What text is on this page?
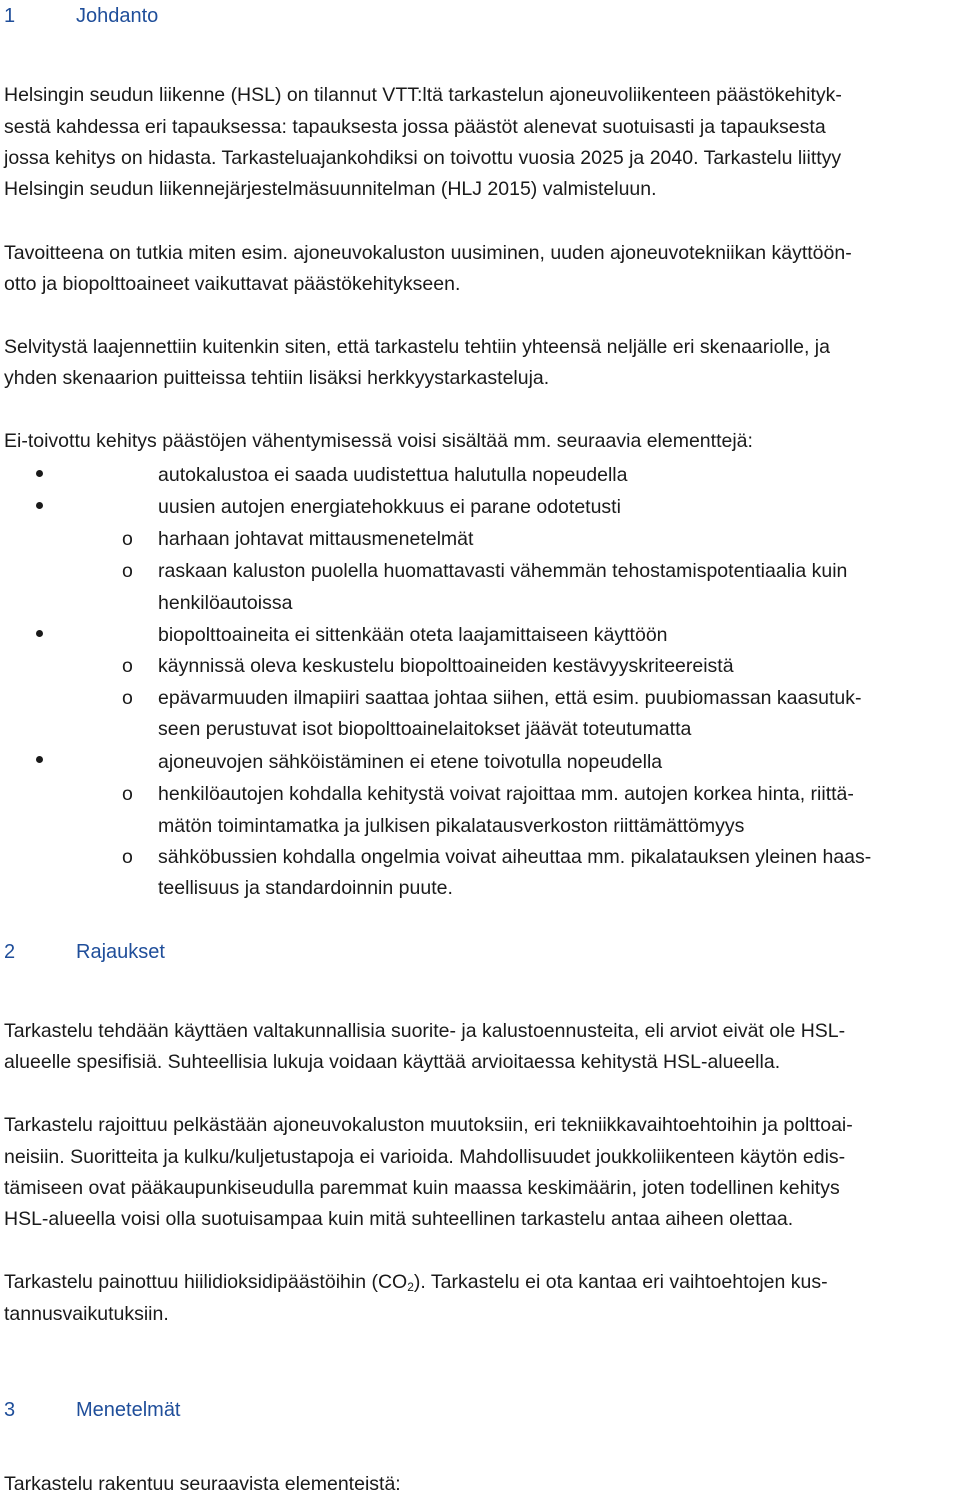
1	Johdanto
Helsingin seudun liikenne (HSL) on tilannut VTT:ltä tarkastelun ajoneuvoliikenteen päästökehityk-
sestä kahdessa eri tapauksessa: tapauksesta jossa päästöt alenevat suotuisasti ja tapauksesta
jossa kehitys on hidasta. Tarkasteluajankohdiksi on toivottu vuosia 2025 ja 2040. Tarkastelu liittyy
Helsingin seudun liikennejärjestelmäsuunnitelman (HLJ 2015) valmisteluun.
Tavoitteena on tutkia miten esim. ajoneuvokaluston uusiminen, uuden ajoneuvotekniikan käyttöön-
otto ja biopolttoaineet vaikuttavat päästökehitykseen.
Selvitystä laajennettiin kuitenkin siten, että tarkastelu tehtiin yhteensä neljälle eri skenaariolle, ja
yhden skenaarion puitteissa tehtiin lisäksi herkkyystarkasteluja.
Ei-toivottu kehitys päästöjen vähentymisessä voisi sisältää mm. seuraavia elementtejä:
autokalustoa ei saada uudistettua halutulla nopeudella
uusien autojen energiatehokkuus ei parane odotetusti
o harhaan johtavat mittausmenetelmät
o raskaan kaluston puolella huomattavasti vähemmän tehostamispotentiaalia kuin
henkilöautoissa
biopolttoaineita ei sittenkään oteta laajamittaiseen käyttöön
o käynnissä oleva keskustelu biopolttoaineiden kestävyyskriteereistä
o epävarmuuden ilmapiiri saattaa johtaa siihen, että esim. puubiomassan kaasutuk-
seen perustuvat isot biopolttoainelaitokset jäävät toteutumatta
ajoneuvojen sähköistäminen ei etene toivotulla nopeudella
o henkilöautojen kohdalla kehitystä voivat rajoittaa mm. autojen korkea hinta, riittä-
mätön toimintamatka ja julkisen pikalatausverkoston riittämättömyys
o sähköbussien kohdalla ongelmia voivat aiheuttaa mm. pikalatauksen yleinen haas-
teellisuus ja standardoinnin puute.
2	Rajaukset
Tarkastelu tehdään käyttäen valtakunnallisia suorite- ja kalustoennusteita, eli arviot eivät ole HSL-
alueelle spesifisiä. Suhteellisia lukuja voidaan käyttää arvioitaessa kehitystä HSL-alueella.
Tarkastelu rajoittuu pelkästään ajoneuvokaluston muutoksiin, eri tekniikkavaihtoehtoihin ja polttoai-
neisiin. Suoritteita ja kulku/kuljetustapoja ei varioida. Mahdollisuudet joukkoliikenteen käytön edis-
tämiseen ovat pääkaupunkiseudulla paremmat kuin maassa keskimäärin, joten todellinen kehitys
HSL-alueella voisi olla suotuisampaa kuin mitä suhteellinen tarkastelu antaa aiheen olettaa.
Tarkastelu painottuu hiilidioksidipäästöihin $(CO_2)$. Tarkastelu ei ota kantaa eri vaihtoehtojen kus-
tannusvaikutuksiin.
3	Menetelmät
Tarkastelu rakentuu seuraavista elementeistä:
